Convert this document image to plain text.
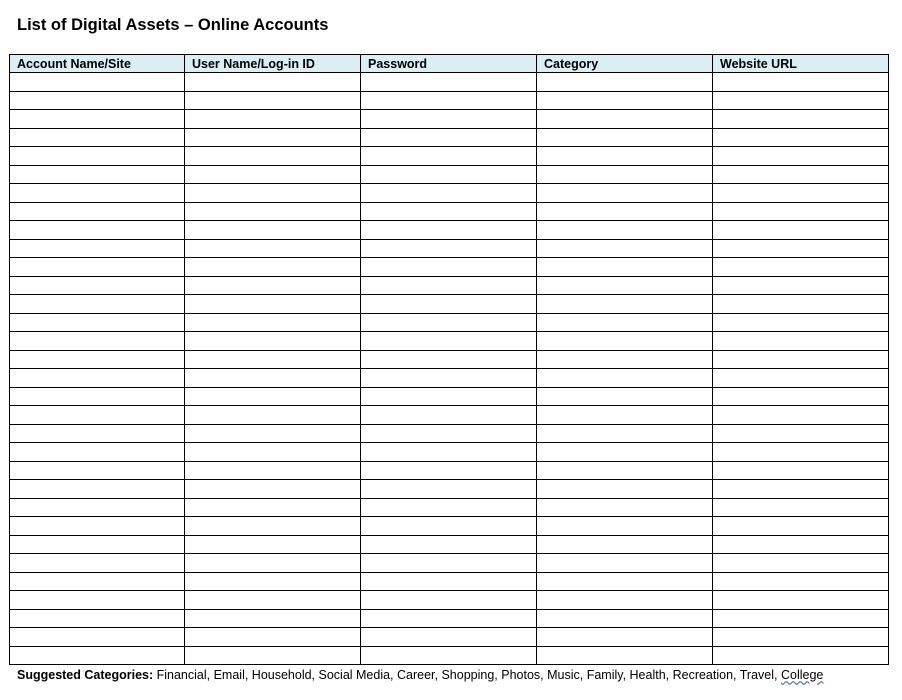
List of Digital Assets – Online Accounts
Account Name/Site	User Name/Log-in ID	Password	Category	Website URL

Suggested Categories: Financial, Email, Household, Social Media, Career, Shopping, Photos, Music, Family, Health, Recreation, Travel, College
